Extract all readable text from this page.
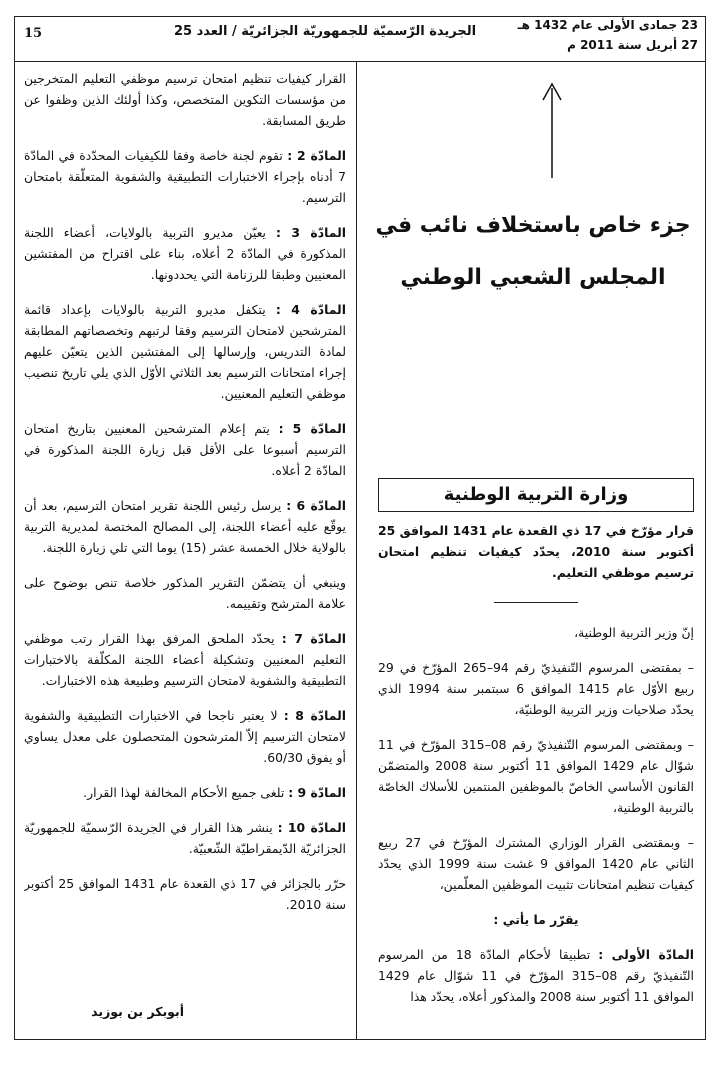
15	الجريدة الرّسميّة للجمهوريّة الجزائريّة / العدد 25	23 جمادى الأولى عام 1432 هـ
27 أبريل سنة 2011 م

القرار كيفيات تنظيم امتحان ترسيم موظفي التعليم المتخرجين من مؤسسات التكوين المتخصص، وكذا أولئك الذين وظفوا عن طريق المسابقة.

المادّة 2 : تقوم لجنة خاصة وفقا للكيفيات المحدّدة في المادّة 7 أدناه بإجراء الاختبارات التطبيقية والشفوية المتعلّقة بامتحان الترسيم.

المادّة 3 : يعيّن مديرو التربية بالولايات، أعضاء اللجنة المذكورة في المادّة 2 أعلاه، بناء على اقتراح من المفتشين المعنيين وطبقا للرزنامة التي يحددونها.

المادّة 4 : يتكفل مديرو التربية بالولايات بإعداد قائمة المترشحين لامتحان الترسيم وفقا لرتبهم وتخصصاتهم المطابقة لمادة التدريس، وإرسالها إلى المفتشين الذين يتعيّن عليهم إجراء امتحانات الترسيم بعد الثلاثي الأوّل الذي يلي تاريخ تنصيب موظفي التعليم المعنيين.

المادّة 5 : يتم إعلام المترشحين المعنيين بتاريخ امتحان الترسيم أسبوعا على الأقل قبل زيارة اللجنة المذكورة في المادّة 2 أعلاه.

المادّة 6 : يرسل رئيس اللجنة تقرير امتحان الترسيم، بعد أن يوقّع عليه أعضاء اللجنة، إلى المصالح المختصة لمديرية التربية بالولاية خلال الخمسة عشر (15) يوما التي تلي زيارة اللجنة.

وينبغي أن يتضمّن التقرير المذكور خلاصة تنص بوضوح على علامة المترشح وتقييمه.

المادّة 7 : يحدّد الملحق المرفق بهذا القرار رتب موظفي التعليم المعنيين وتشكيلة أعضاء اللجنة المكلّفة بالاختبارات التطبيقية والشفوية لامتحان الترسيم وطبيعة هذه الاختبارات.

المادّة 8 : لا يعتبر ناجحا في الاختبارات التطبيقية والشفوية لامتحان الترسيم إلاّ المترشحون المتحصلون على معدل يساوي أو يفوق 60/30.

المادّة 9 : تلغى جميع الأحكام المخالفة لهذا القرار.

المادّة 10 : ينشر هذا القرار في الجريدة الرّسميّة للجمهوريّة الجزائريّة الدّيمقراطيّة الشّعبيّة.

حرّر بالجزائر في 17 ذي القعدة عام 1431 الموافق 25 أكتوبر سنة 2010.

أبوبكر بن بوزيد
جزء خاص باستخلاف نائب في المجلس الشعبي الوطني
وزارة التربية الوطنية
قرار مؤرّخ في 17 ذي القعدة عام 1431 الموافق 25 أكتوبر سنة 2010، يحدّد كيفيات تنظيم امتحان ترسيم موظفي التعليم.

إنّ وزير التربية الوطنية،

– بمقتضى المرسوم التّنفيذيّ رقم 94–265 المؤرّخ في 29 ربيع الأوّل عام 1415 الموافق 6 سبتمبر سنة 1994 الذي يحدّد صلاحيات وزير التربية الوطنيّة،

– وبمقتضى المرسوم التّنفيذيّ رقم 08–315 المؤرّخ في 11 شوّال عام 1429 الموافق 11 أكتوبر سنة 2008 والمتضمّن القانون الأساسي الخاصّ بالموظفين المنتمين للأسلاك الخاصّة بالتربية الوطنية،

– وبمقتضى القرار الوزاري المشترك المؤرّخ في 27 ربيع الثاني عام 1420 الموافق 9 غشت سنة 1999 الذي يحدّد كيفيات تنظيم امتحانات تثبيت الموظفين المعلّمين،

يقرّر ما يأتي :

المادّة الأولى : تطبيقا لأحكام المادّة 18 من المرسوم التّنفيذيّ رقم 08–315 المؤرّخ في 11 شوّال عام 1429 الموافق 11 أكتوبر سنة 2008 والمذكور أعلاه، يحدّد هذا
